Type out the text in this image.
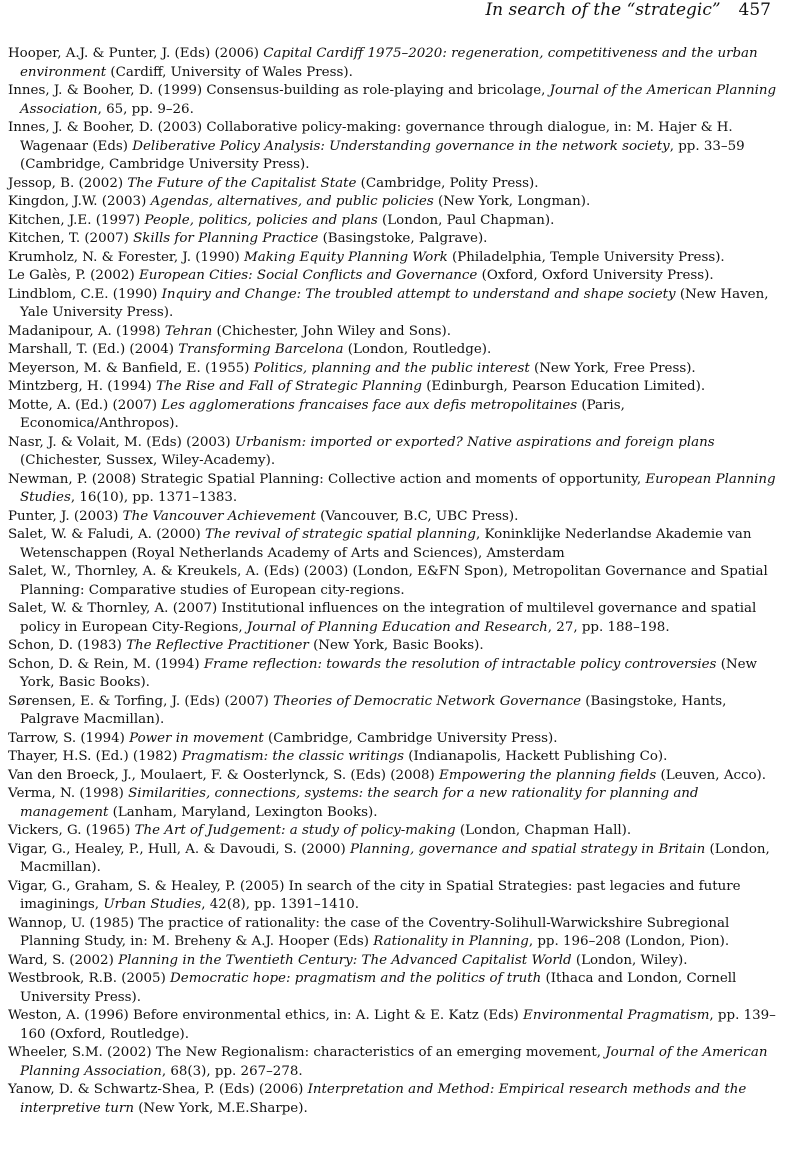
In search of the “strategic” 457
Hooper, A.J. & Punter, J. (Eds) (2006) Capital Cardiff 1975–2020: regeneration, competitiveness and the urban environment (Cardiff, University of Wales Press).
Innes, J. & Booher, D. (1999) Consensus-building as role-playing and bricolage, Journal of the American Planning Association, 65, pp. 9–26.
Innes, J. & Booher, D. (2003) Collaborative policy-making: governance through dialogue, in: M. Hajer & H. Wagenaar (Eds) Deliberative Policy Analysis: Understanding governance in the network society, pp. 33–59 (Cambridge, Cambridge University Press).
Jessop, B. (2002) The Future of the Capitalist State (Cambridge, Polity Press).
Kingdon, J.W. (2003) Agendas, alternatives, and public policies (New York, Longman).
Kitchen, J.E. (1997) People, politics, policies and plans (London, Paul Chapman).
Kitchen, T. (2007) Skills for Planning Practice (Basingstoke, Palgrave).
Krumholz, N. & Forester, J. (1990) Making Equity Planning Work (Philadelphia, Temple University Press).
Le Galès, P. (2002) European Cities: Social Conflicts and Governance (Oxford, Oxford University Press).
Lindblom, C.E. (1990) Inquiry and Change: The troubled attempt to understand and shape society (New Haven, Yale University Press).
Madanipour, A. (1998) Tehran (Chichester, John Wiley and Sons).
Marshall, T. (Ed.) (2004) Transforming Barcelona (London, Routledge).
Meyerson, M. & Banfield, E. (1955) Politics, planning and the public interest (New York, Free Press).
Mintzberg, H. (1994) The Rise and Fall of Strategic Planning (Edinburgh, Pearson Education Limited).
Motte, A. (Ed.) (2007) Les agglomerations francaises face aux defis metropolitaines (Paris, Economica/Anthropos).
Nasr, J. & Volait, M. (Eds) (2003) Urbanism: imported or exported? Native aspirations and foreign plans (Chichester, Sussex, Wiley-Academy).
Newman, P. (2008) Strategic Spatial Planning: Collective action and moments of opportunity, European Planning Studies, 16(10), pp. 1371–1383.
Punter, J. (2003) The Vancouver Achievement (Vancouver, B.C, UBC Press).
Salet, W. & Faludi, A. (2000) The revival of strategic spatial planning, Koninklijke Nederlandse Akademie van Wetenschappen (Royal Netherlands Academy of Arts and Sciences), Amsterdam
Salet, W., Thornley, A. & Kreukels, A. (Eds) (2003) (London, E&FN Spon), Metropolitan Governance and Spatial Planning: Comparative studies of European city-regions.
Salet, W. & Thornley, A. (2007) Institutional influences on the integration of multilevel governance and spatial policy in European City-Regions, Journal of Planning Education and Research, 27, pp. 188–198.
Schon, D. (1983) The Reflective Practitioner (New York, Basic Books).
Schon, D. & Rein, M. (1994) Frame reflection: towards the resolution of intractable policy controversies (New York, Basic Books).
Sørensen, E. & Torfing, J. (Eds) (2007) Theories of Democratic Network Governance (Basingstoke, Hants, Palgrave Macmillan).
Tarrow, S. (1994) Power in movement (Cambridge, Cambridge University Press).
Thayer, H.S. (Ed.) (1982) Pragmatism: the classic writings (Indianapolis, Hackett Publishing Co).
Van den Broeck, J., Moulaert, F. & Oosterlynck, S. (Eds) (2008) Empowering the planning fields (Leuven, Acco).
Verma, N. (1998) Similarities, connections, systems: the search for a new rationality for planning and management (Lanham, Maryland, Lexington Books).
Vickers, G. (1965) The Art of Judgement: a study of policy-making (London, Chapman Hall).
Vigar, G., Healey, P., Hull, A. & Davoudi, S. (2000) Planning, governance and spatial strategy in Britain (London, Macmillan).
Vigar, G., Graham, S. & Healey, P. (2005) In search of the city in Spatial Strategies: past legacies and future imaginings, Urban Studies, 42(8), pp. 1391–1410.
Wannop, U. (1985) The practice of rationality: the case of the Coventry-Solihull-Warwickshire Subregional Planning Study, in: M. Breheny & A.J. Hooper (Eds) Rationality in Planning, pp. 196–208 (London, Pion).
Ward, S. (2002) Planning in the Twentieth Century: The Advanced Capitalist World (London, Wiley).
Westbrook, R.B. (2005) Democratic hope: pragmatism and the politics of truth (Ithaca and London, Cornell University Press).
Weston, A. (1996) Before environmental ethics, in: A. Light & E. Katz (Eds) Environmental Pragmatism, pp. 139–160 (Oxford, Routledge).
Wheeler, S.M. (2002) The New Regionalism: characteristics of an emerging movement, Journal of the American Planning Association, 68(3), pp. 267–278.
Yanow, D. & Schwartz-Shea, P. (Eds) (2006) Interpretation and Method: Empirical research methods and the interpretive turn (New York, M.E.Sharpe).
